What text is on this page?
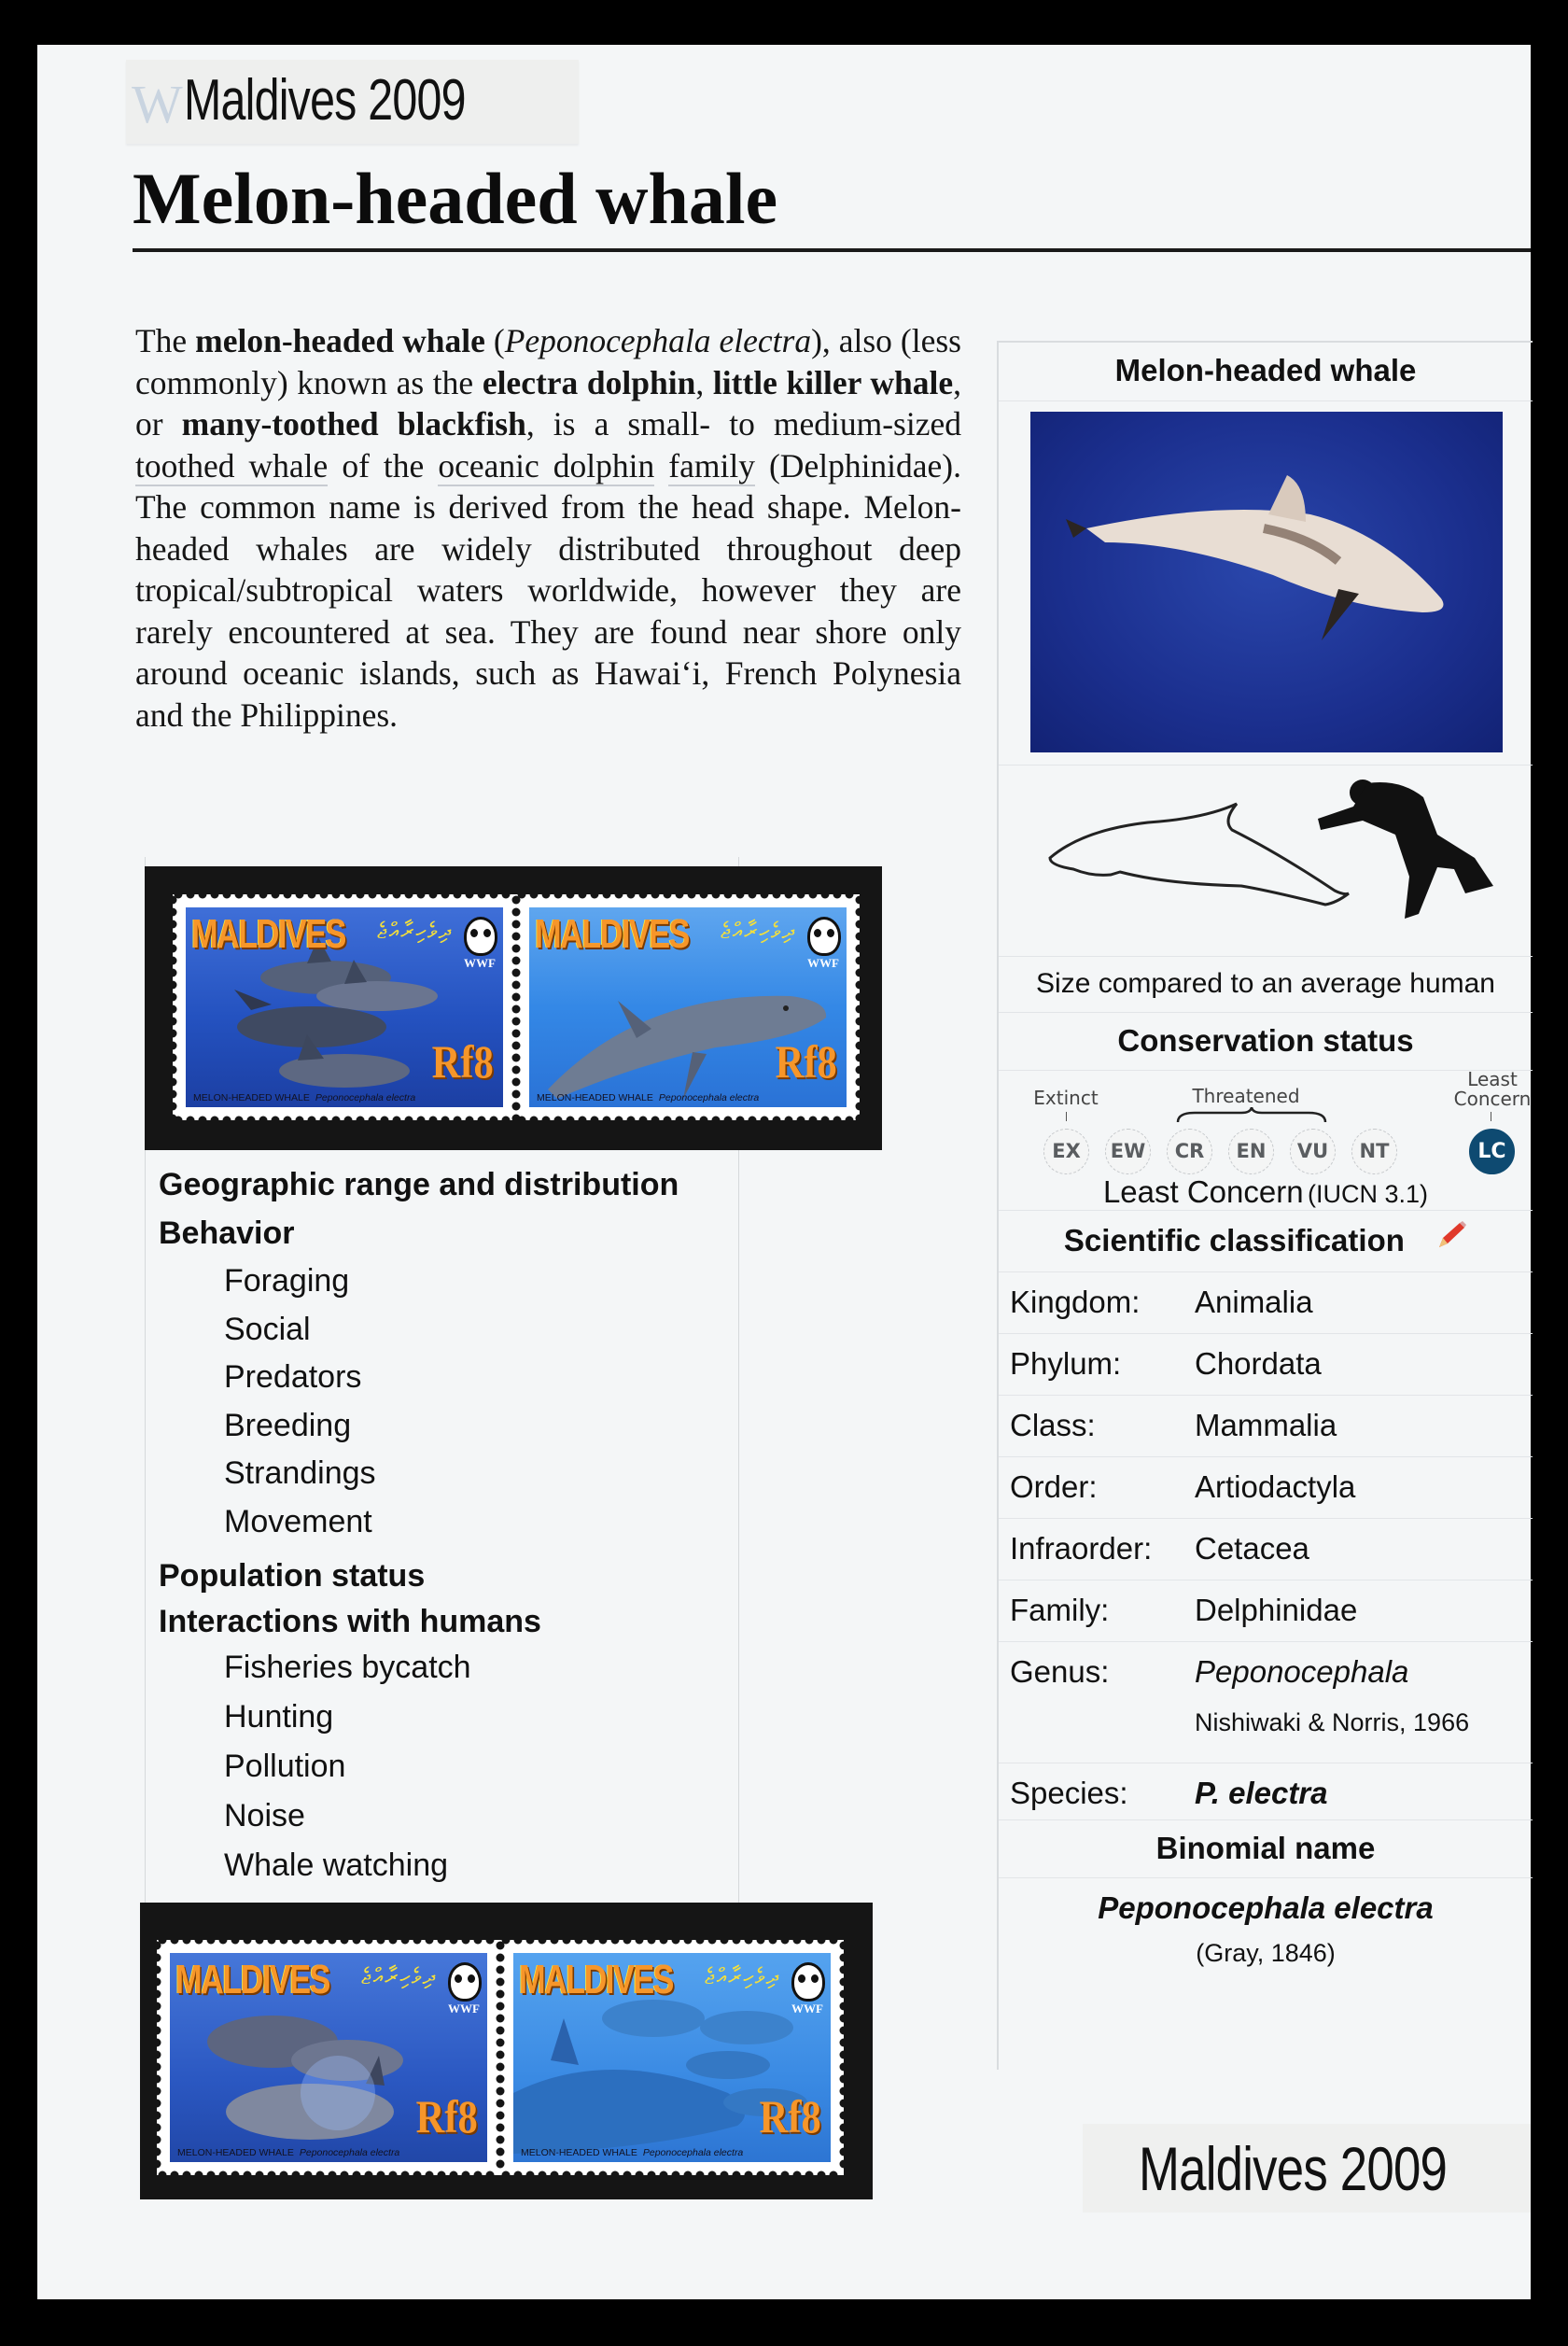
W Maldives 2009
Melon-headed whale
The melon-headed whale (Peponocephala electra), also (less commonly) known as the electra dolphin, little killer whale, or many-toothed blackfish, is a small- to medium-sized toothed whale of the oceanic dolphin family (Delphinidae). The common name is derived from the head shape. Melon-headed whales are widely distributed throughout deep tropical/subtropical waters worldwide, however they are rarely encountered at sea. They are found near shore only around oceanic islands, such as Hawai‘i, French Polynesia and the Philippines.
MALDIVES ދިވެހިރާއްޖެ
WWF
Rf8
MELON-HEADED WHALE Peponocephala electra
MALDIVES ދިވެހިރާއްޖެ
WWF
Rf8
MELON-HEADED WHALE Peponocephala electra
Geographic range and distribution
Behavior
Foraging
Social
Predators
Breeding
Strandings
Movement
Population status
Interactions with humans
Fisheries bycatch
Hunting
Pollution
Noise
Whale watching
MALDIVES ދިވެހިރާއްޖެ
WWF
Rf8
MELON-HEADED WHALE Peponocephala electra
MALDIVES ދިވެހިރާއްޖެ
WWF
Rf8
MELON-HEADED WHALE Peponocephala electra
Melon-headed whale
Size compared to an average human
Conservation status
Extinct	Threatened
Least Concern
EX	EW	CR	EN	VU	NT	LC
Least Concern (IUCN 3.1)
Scientific classification
Kingdom: Animalia
Phylum: Chordata
Class:	Mammalia
Order:	Artiodactyla
Infraorder: Cetacea
Family:	Delphinidae
Genus:	Peponocephala
Nishiwaki & Norris, 1966
Species: P. electra
Binomial name
Peponocephala electra
(Gray, 1846)
Maldives 2009
